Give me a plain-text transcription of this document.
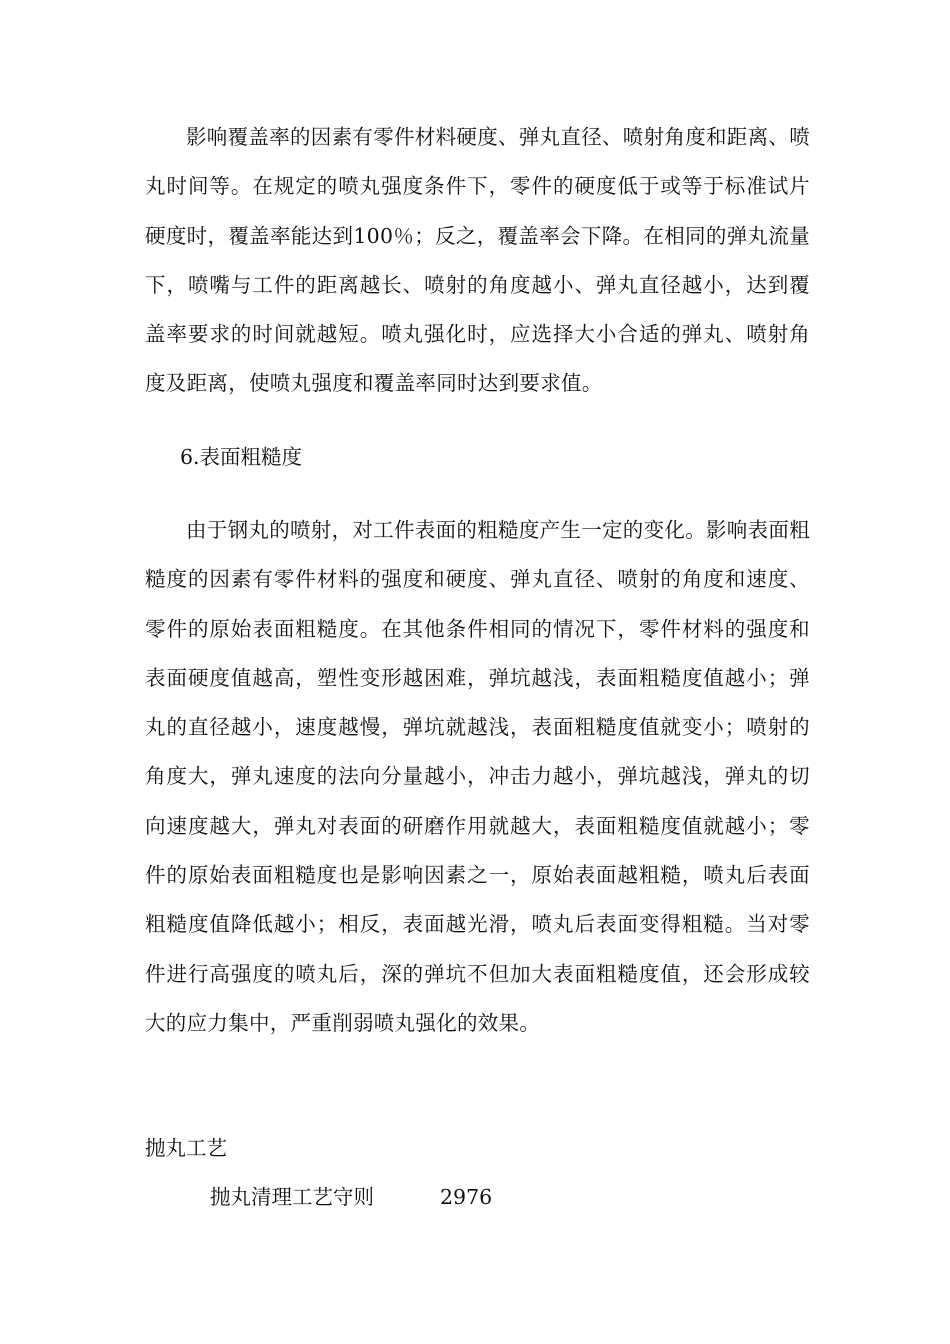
影响覆盖率的因素有零件材料硬度、弹丸直径、喷射角度和距离、喷丸时间等。在规定的喷丸强度条件下，零件的硬度低于或等于标准试片硬度时，覆盖率能达到100％；反之，覆盖率会下降。在相同的弹丸流量下，喷嘴与工件的距离越长、喷射的角度越小、弹丸直径越小，达到覆盖率要求的时间就越短。喷丸强化时，应选择大小合适的弹丸、喷射角度及距离，使喷丸强度和覆盖率同时达到要求值。

6.表面粗糙度

由于钢丸的喷射，对工件表面的粗糙度产生一定的变化。影响表面粗糙度的因素有零件材料的强度和硬度、弹丸直径、喷射的角度和速度、零件的原始表面粗糙度。在其他条件相同的情况下，零件材料的强度和表面硬度值越高，塑性变形越困难，弹坑越浅，表面粗糙度值越小；弹丸的直径越小，速度越慢，弹坑就越浅，表面粗糙度值就变小；喷射的角度大，弹丸速度的法向分量越小，冲击力越小，弹坑越浅，弹丸的切向速度越大，弹丸对表面的研磨作用就越大，表面粗糙度值就越小；零件的原始表面粗糙度也是影响因素之一，原始表面越粗糙，喷丸后表面粗糙度值降低越小；相反，表面越光滑，喷丸后表面变得粗糙。当对零件进行高强度的喷丸后，深的弹坑不但加大表面粗糙度值，还会形成较大的应力集中，严重削弱喷丸强化的效果。

抛丸工艺

抛丸清理工艺守则	2976
